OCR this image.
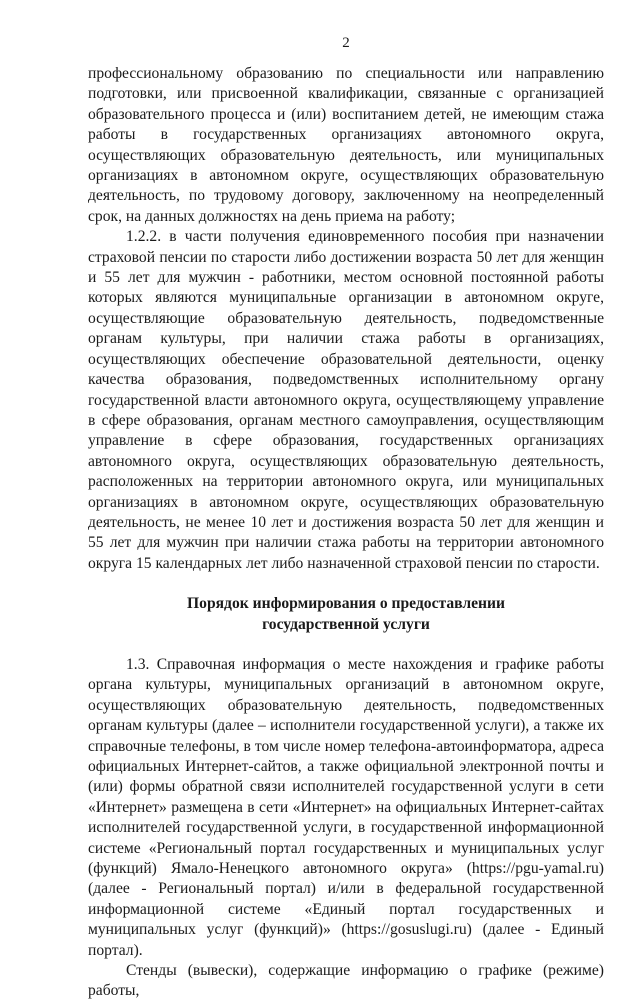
2

профессиональному образованию по специальности или направлению подготовки, или присвоенной квалификации, связанные с организацией образовательного процесса и (или) воспитанием детей, не имеющим стажа работы в государственных организациях автономного округа, осуществляющих образовательную деятельность, или муниципальных организациях в автономном округе, осуществляющих образовательную деятельность, по трудовому договору, заключенному на неопределенный срок, на данных должностях на день приема на работу;

1.2.2. в части получения единовременного пособия при назначении страховой пенсии по старости либо достижении возраста 50 лет для женщин и 55 лет для мужчин - работники, местом основной постоянной работы которых являются муниципальные организации в автономном округе, осуществляющие образовательную деятельность, подведомственные органам культуры, при наличии стажа работы в организациях, осуществляющих обеспечение образовательной деятельности, оценку качества образования, подведомственных исполнительному органу государственной власти автономного округа, осуществляющему управление в сфере образования, органам местного самоуправления, осуществляющим управление в сфере образования, государственных организациях автономного округа, осуществляющих образовательную деятельность, расположенных на территории автономного округа, или муниципальных организациях в автономном округе, осуществляющих образовательную деятельность, не менее 10 лет и достижения возраста 50 лет для женщин и 55 лет для мужчин при наличии стажа работы на территории автономного округа 15 календарных лет либо назначенной страховой пенсии по старости.

Порядок информирования о предоставлении
государственной услуги

1.3. Справочная информация о месте нахождения и графике работы органа культуры, муниципальных организаций в автономном округе, осуществляющих образовательную деятельность, подведомственных органам культуры (далее – исполнители государственной услуги), а также их справочные телефоны, в том числе номер телефона-автоинформатора, адреса официальных Интернет-сайтов, а также официальной электронной почты и (или) формы обратной связи исполнителей государственной услуги в сети «Интернет» размещена в сети «Интернет» на официальных Интернет-сайтах исполнителей государственной услуги, в государственной информационной системе «Региональный портал государственных и муниципальных услуг (функций) Ямало-Ненецкого автономного округа» (https://pgu-yamal.ru) (далее - Региональный портал) и/или в федеральной государственной информационной системе «Единый портал государственных и муниципальных услуг (функций)» (https://gosuslugi.ru) (далее - Единый портал).

Стенды (вывески), содержащие информацию о графике (режиме) работы,
